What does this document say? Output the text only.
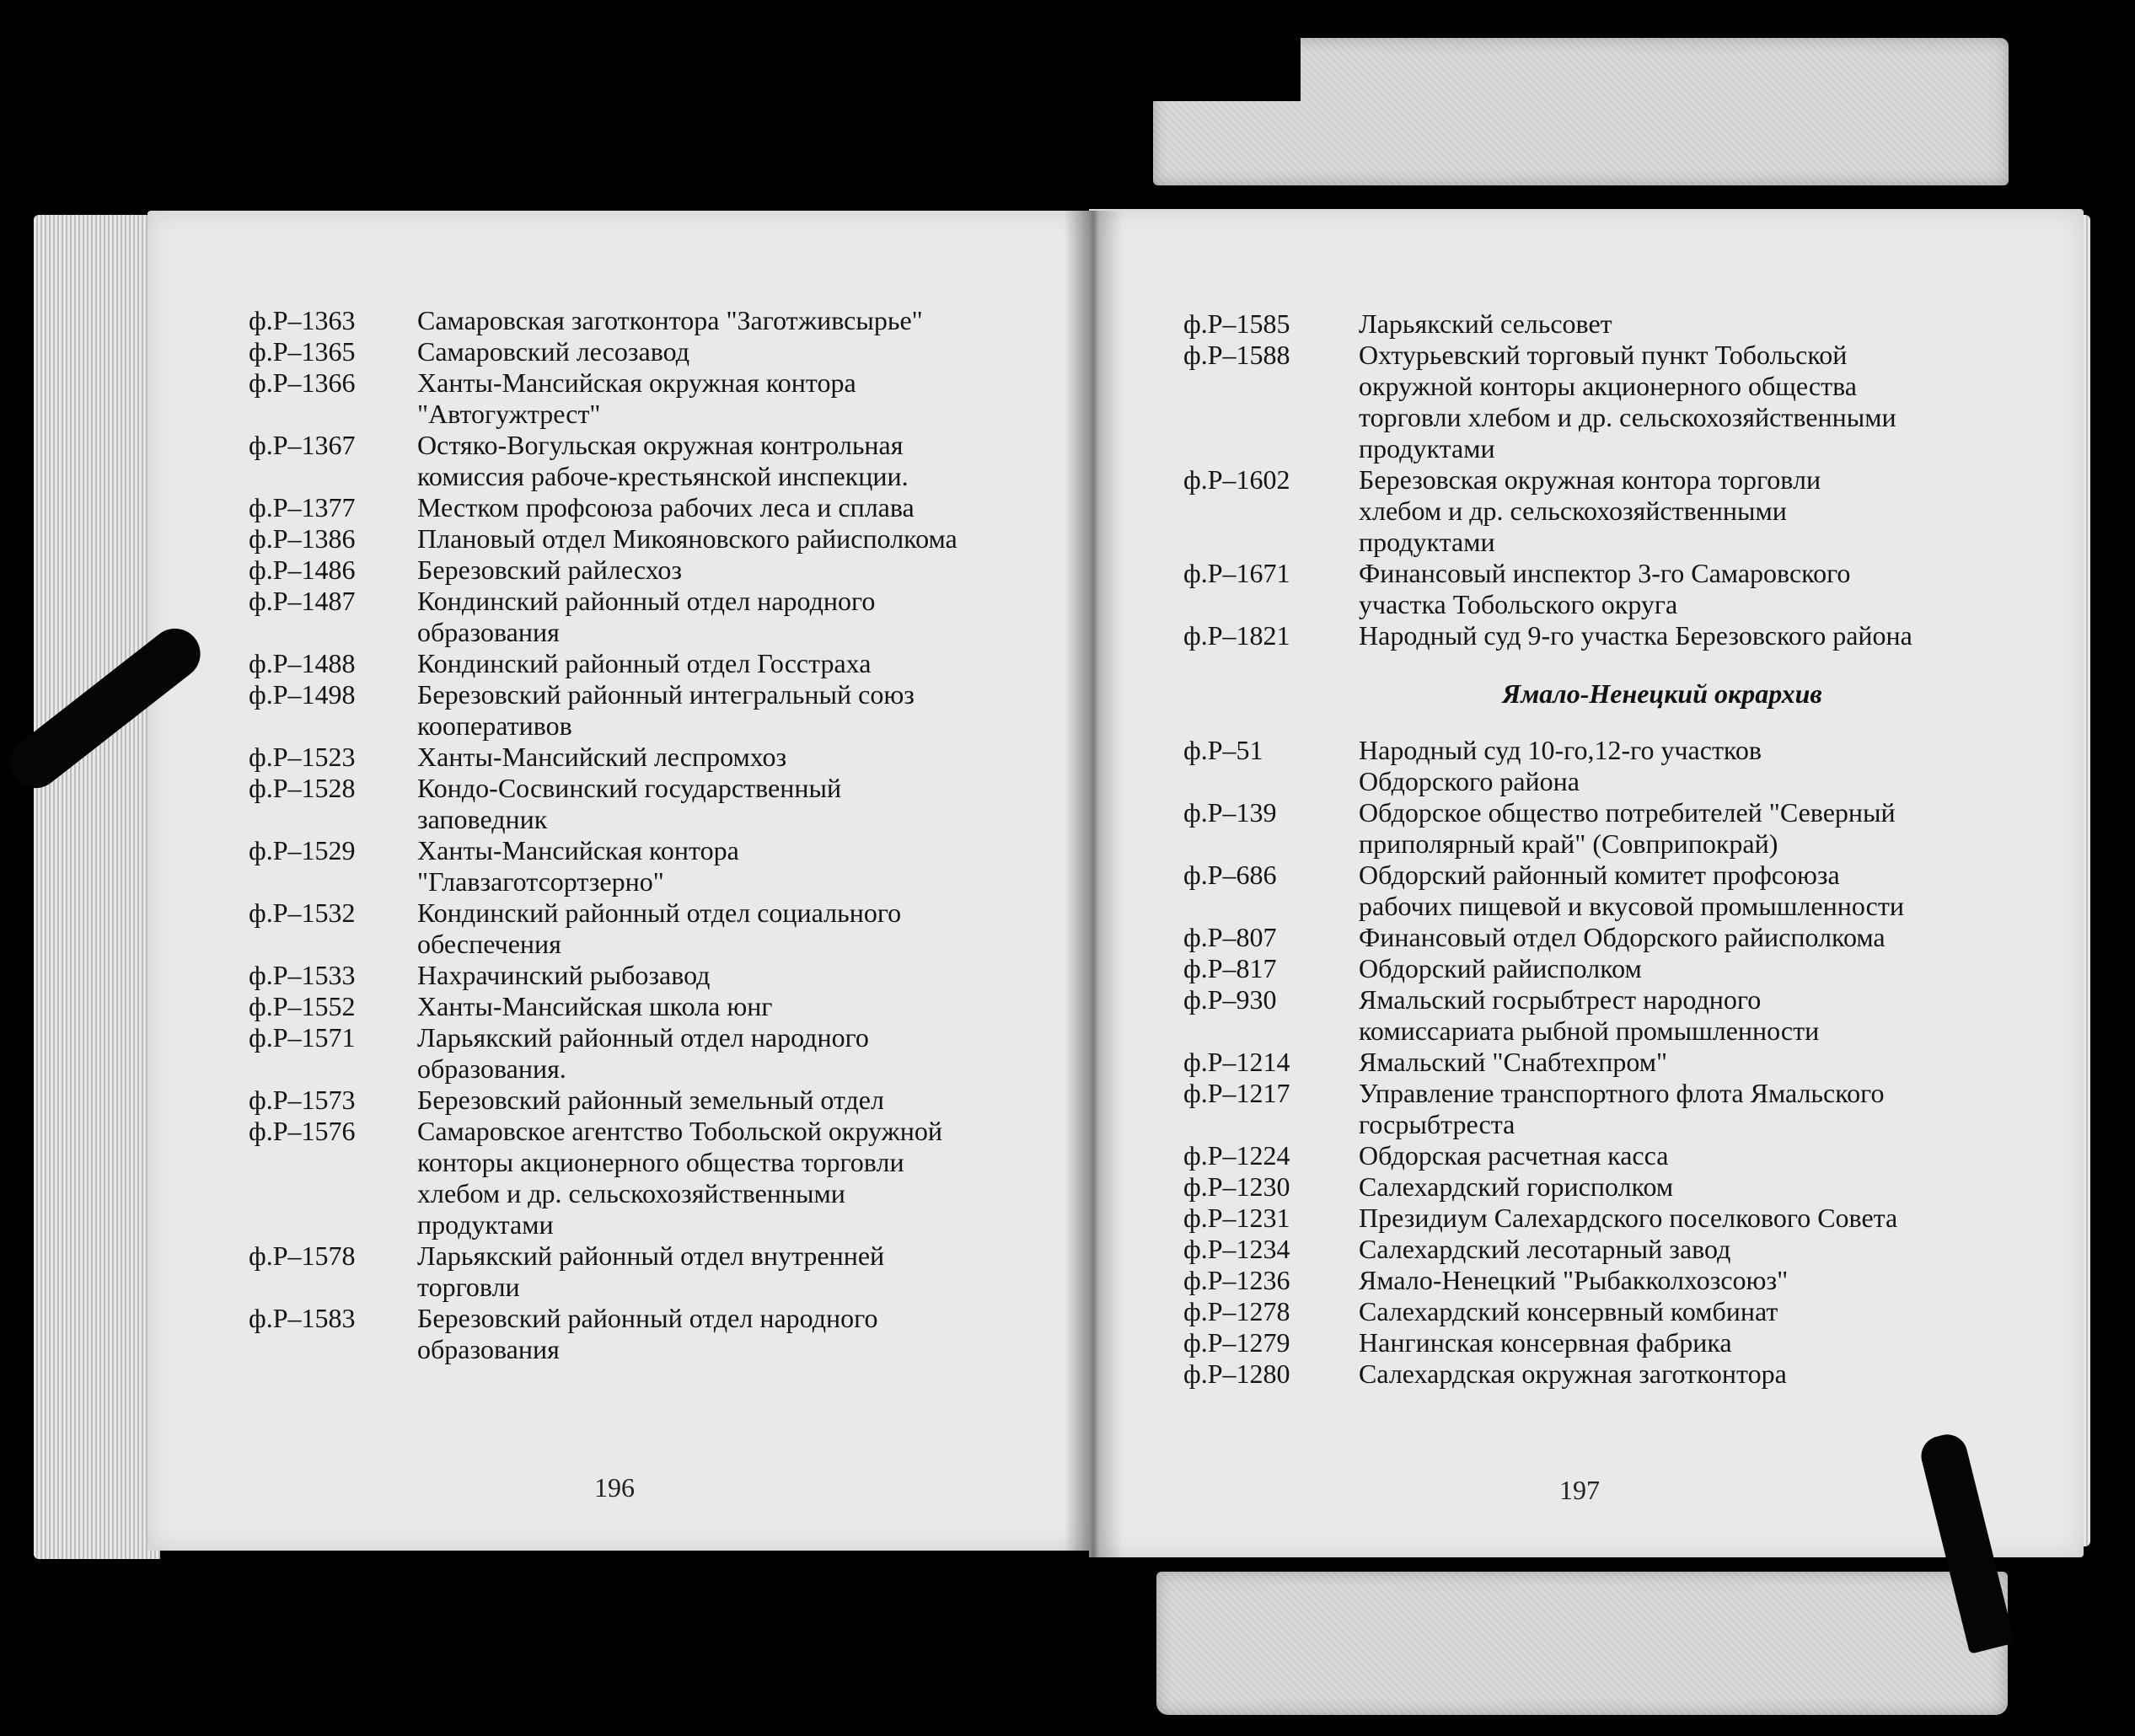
ф.Р–1363	Самаровская заготконтора "Заготживсырье"
ф.Р–1365	Самаровский лесозавод
ф.Р–1366	Ханты-Мансийская окружная контора
"Автогужтрест"
ф.Р–1367	Остяко-Вогульская окружная контрольная
комиссия рабоче-крестьянской инспекции.
ф.Р–1377	Местком профсоюза рабочих леса и сплава
ф.Р–1386	Плановый отдел Микояновского райисполкома
ф.Р–1486	Березовский райлесхоз
ф.Р–1487	Кондинский районный отдел народного
образования
ф.Р–1488	Кондинский районный отдел Госстраха
ф.Р–1498	Березовский районный интегральный союз
кооперативов
ф.Р–1523	Ханты-Мансийский леспромхоз
ф.Р–1528	Кондо-Сосвинский государственный
заповедник
ф.Р–1529	Ханты-Мансийская контора
"Главзаготсортзерно"
ф.Р–1532	Кондинский районный отдел социального
обеспечения
ф.Р–1533	Нахрачинский рыбозавод
ф.Р–1552	Ханты-Мансийская школа юнг
ф.Р–1571	Ларьякский районный отдел народного
образования.
ф.Р–1573	Березовский районный земельный отдел
ф.Р–1576	Самаровское агентство Тобольской окружной
конторы акционерного общества торговли
хлебом и др. сельскохозяйственными
продуктами
ф.Р–1578	Ларьякский районный отдел внутренней
торговли
ф.Р–1583	Березовский районный отдел народного
образования
196
ф.Р–1585	Ларьякский сельсовет
ф.Р–1588	Охтурьевский торговый пункт Тобольской
окружной конторы акционерного общества
торговли хлебом и др. сельскохозяйственными
продуктами
ф.Р–1602	Березовская окружная контора торговли
хлебом и др. сельскохозяйственными
продуктами
ф.Р–1671	Финансовый инспектор 3-го Самаровского
участка Тобольского округа
ф.Р–1821	Народный суд 9-го участка Березовского района
Ямало-Ненецкий окрархив
ф.Р–51	Народный суд 10-го,12-го участков
Обдорского района
ф.Р–139	Обдорское общество потребителей "Северный
приполярный край" (Совприпокрай)
ф.Р–686	Обдорский районный комитет профсоюза
рабочих пищевой и вкусовой промышленности
ф.Р–807	Финансовый отдел Обдорского райисполкома
ф.Р–817	Обдорский райисполком
ф.Р–930	Ямальский госрыбтрест народного
комиссариата рыбной промышленности
ф.Р–1214	Ямальский "Снабтехпром"
ф.Р–1217	Управление транспортного флота Ямальского
госрыбтреста
ф.Р–1224	Обдорская расчетная касса
ф.Р–1230	Салехардский горисполком
ф.Р–1231	Президиум Салехардского поселкового Совета
ф.Р–1234	Салехардский лесотарный завод
ф.Р–1236	Ямало-Ненецкий "Рыбакколхозсоюз"
ф.Р–1278	Салехардский консервный комбинат
ф.Р–1279	Нангинская консервная фабрика
ф.Р–1280	Салехардская окружная заготконтора
197
